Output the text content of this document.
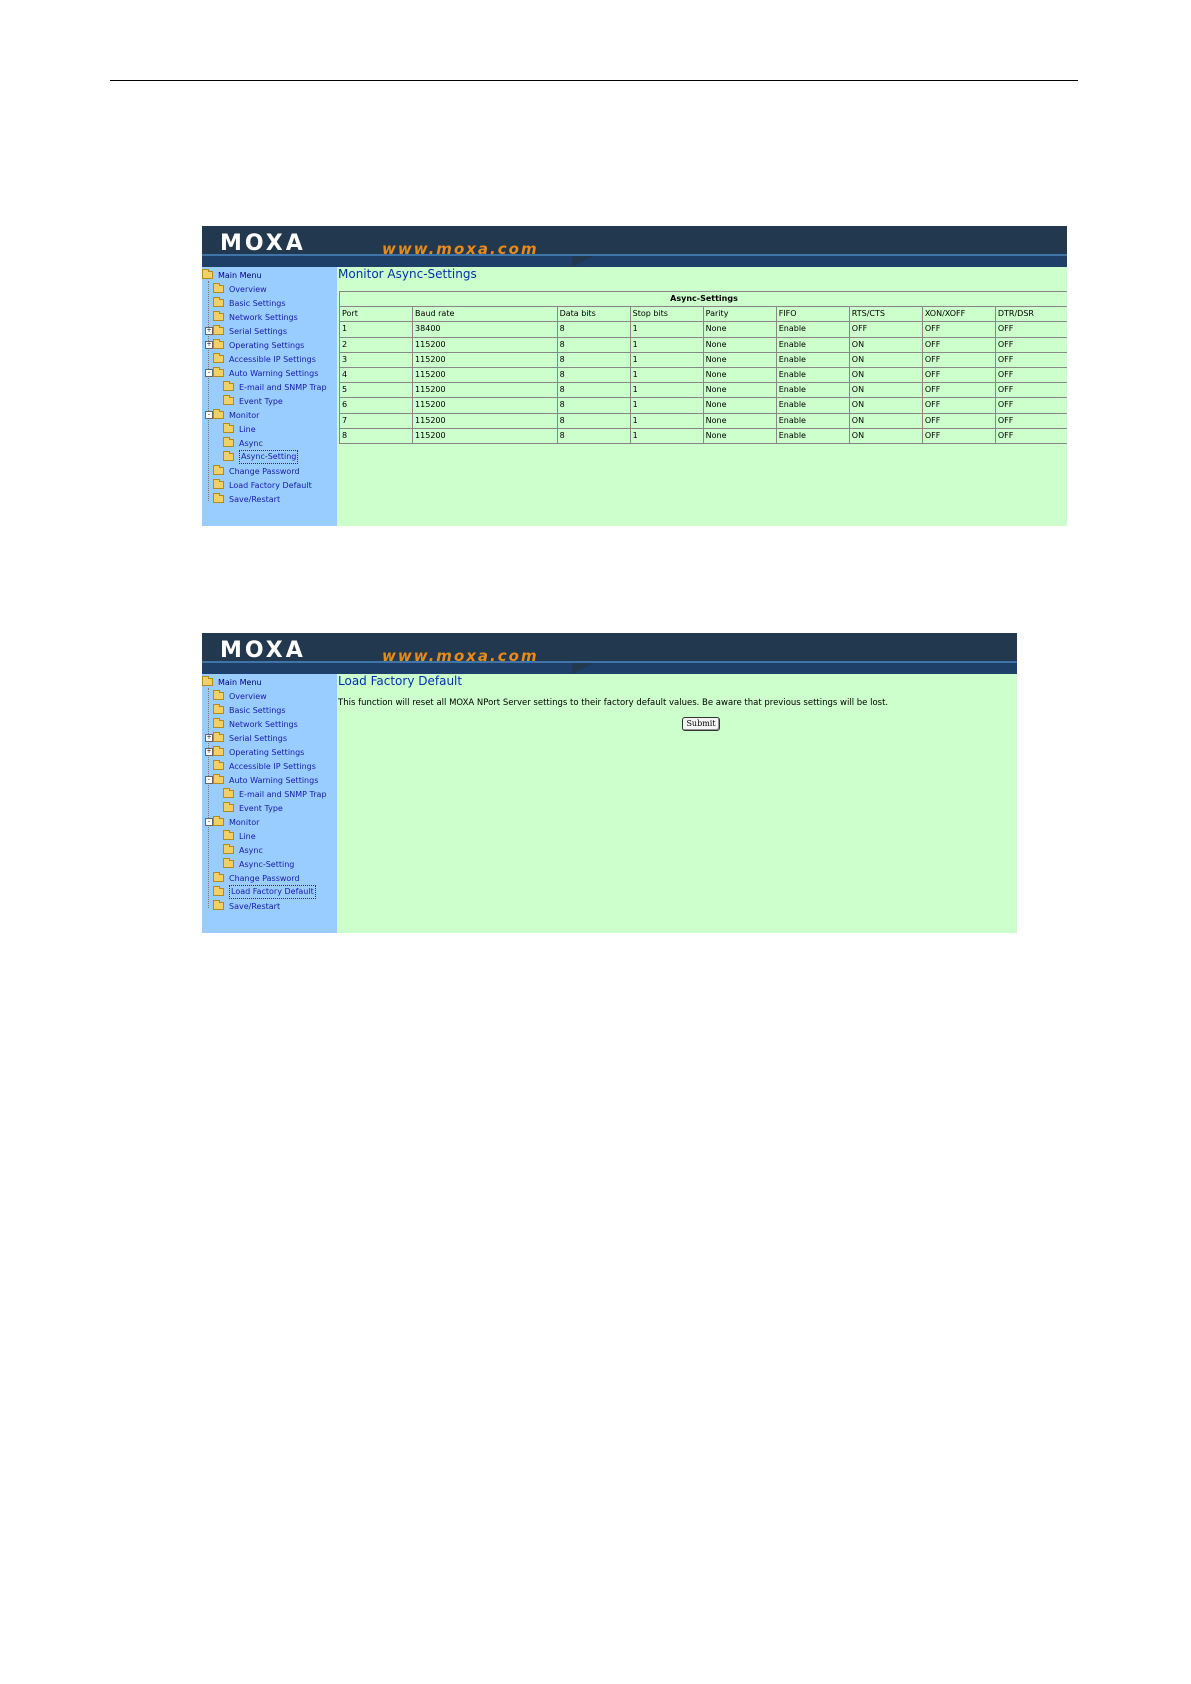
MOXA	www.moxa.com
Main Menu
Overview
Basic Settings
Network Settings
Serial Settings
+
Operating Settings
+
Accessible IP Settings
Auto Warning Settings
-
E-mail and SNMP Trap
Event Type
Monitor
-
Line
Async
Async-Setting
Change Password
Load Factory Default
Save/Restart
Monitor Async-Settings
Async-Settings								
Port	Baud rate	Data bits	Stop bits	Parity	FIFO	RTS/CTS	XON/XOFF	DTR/DSR
1	38400	8	1	None	Enable	OFF	OFF	OFF
2	115200	8	1	None	Enable	ON	OFF	OFF
3	115200	8	1	None	Enable	ON	OFF	OFF
4	115200	8	1	None	Enable	ON	OFF	OFF
5	115200	8	1	None	Enable	ON	OFF	OFF
6	115200	8	1	None	Enable	ON	OFF	OFF
7	115200	8	1	None	Enable	ON	OFF	OFF
8	115200	8	1	None	Enable	ON	OFF	OFF
MOXA	www.moxa.com
Main Menu
Overview
Basic Settings
Network Settings
Serial Settings
+
Operating Settings
+
Accessible IP Settings
Auto Warning Settings
-
E-mail and SNMP Trap
Event Type
Monitor
-
Line
Async
Async-Setting
Change Password
Load Factory Default
Save/Restart
Load Factory Default
This function will reset all MOXA NPort Server settings to their factory default values. Be aware that previous settings will be lost.
Submit
